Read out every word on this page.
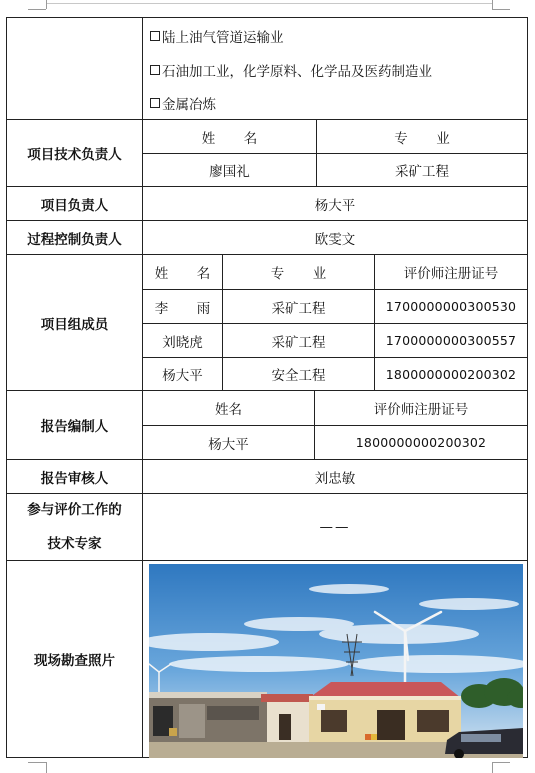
陆上油气管道运输业
石油加工业，化学原料、化学品及医药制造业
金属冶炼
项目技术负责人
姓 名	专 业
廖国礼	采矿工程
项目负责人	杨大平
过程控制负责人	欧雯文
项目组成员
姓 名	专 业	评价师注册证号
李 雨	采矿工程	1700000000300530
刘晓虎	采矿工程	1700000000300557
杨大平	安全工程	1800000000200302
报告编制人
姓名	评价师注册证号
杨大平	1800000000200302
报告审核人	刘忠敏
参与评价工作的
技术专家
——
现场勘查照片
